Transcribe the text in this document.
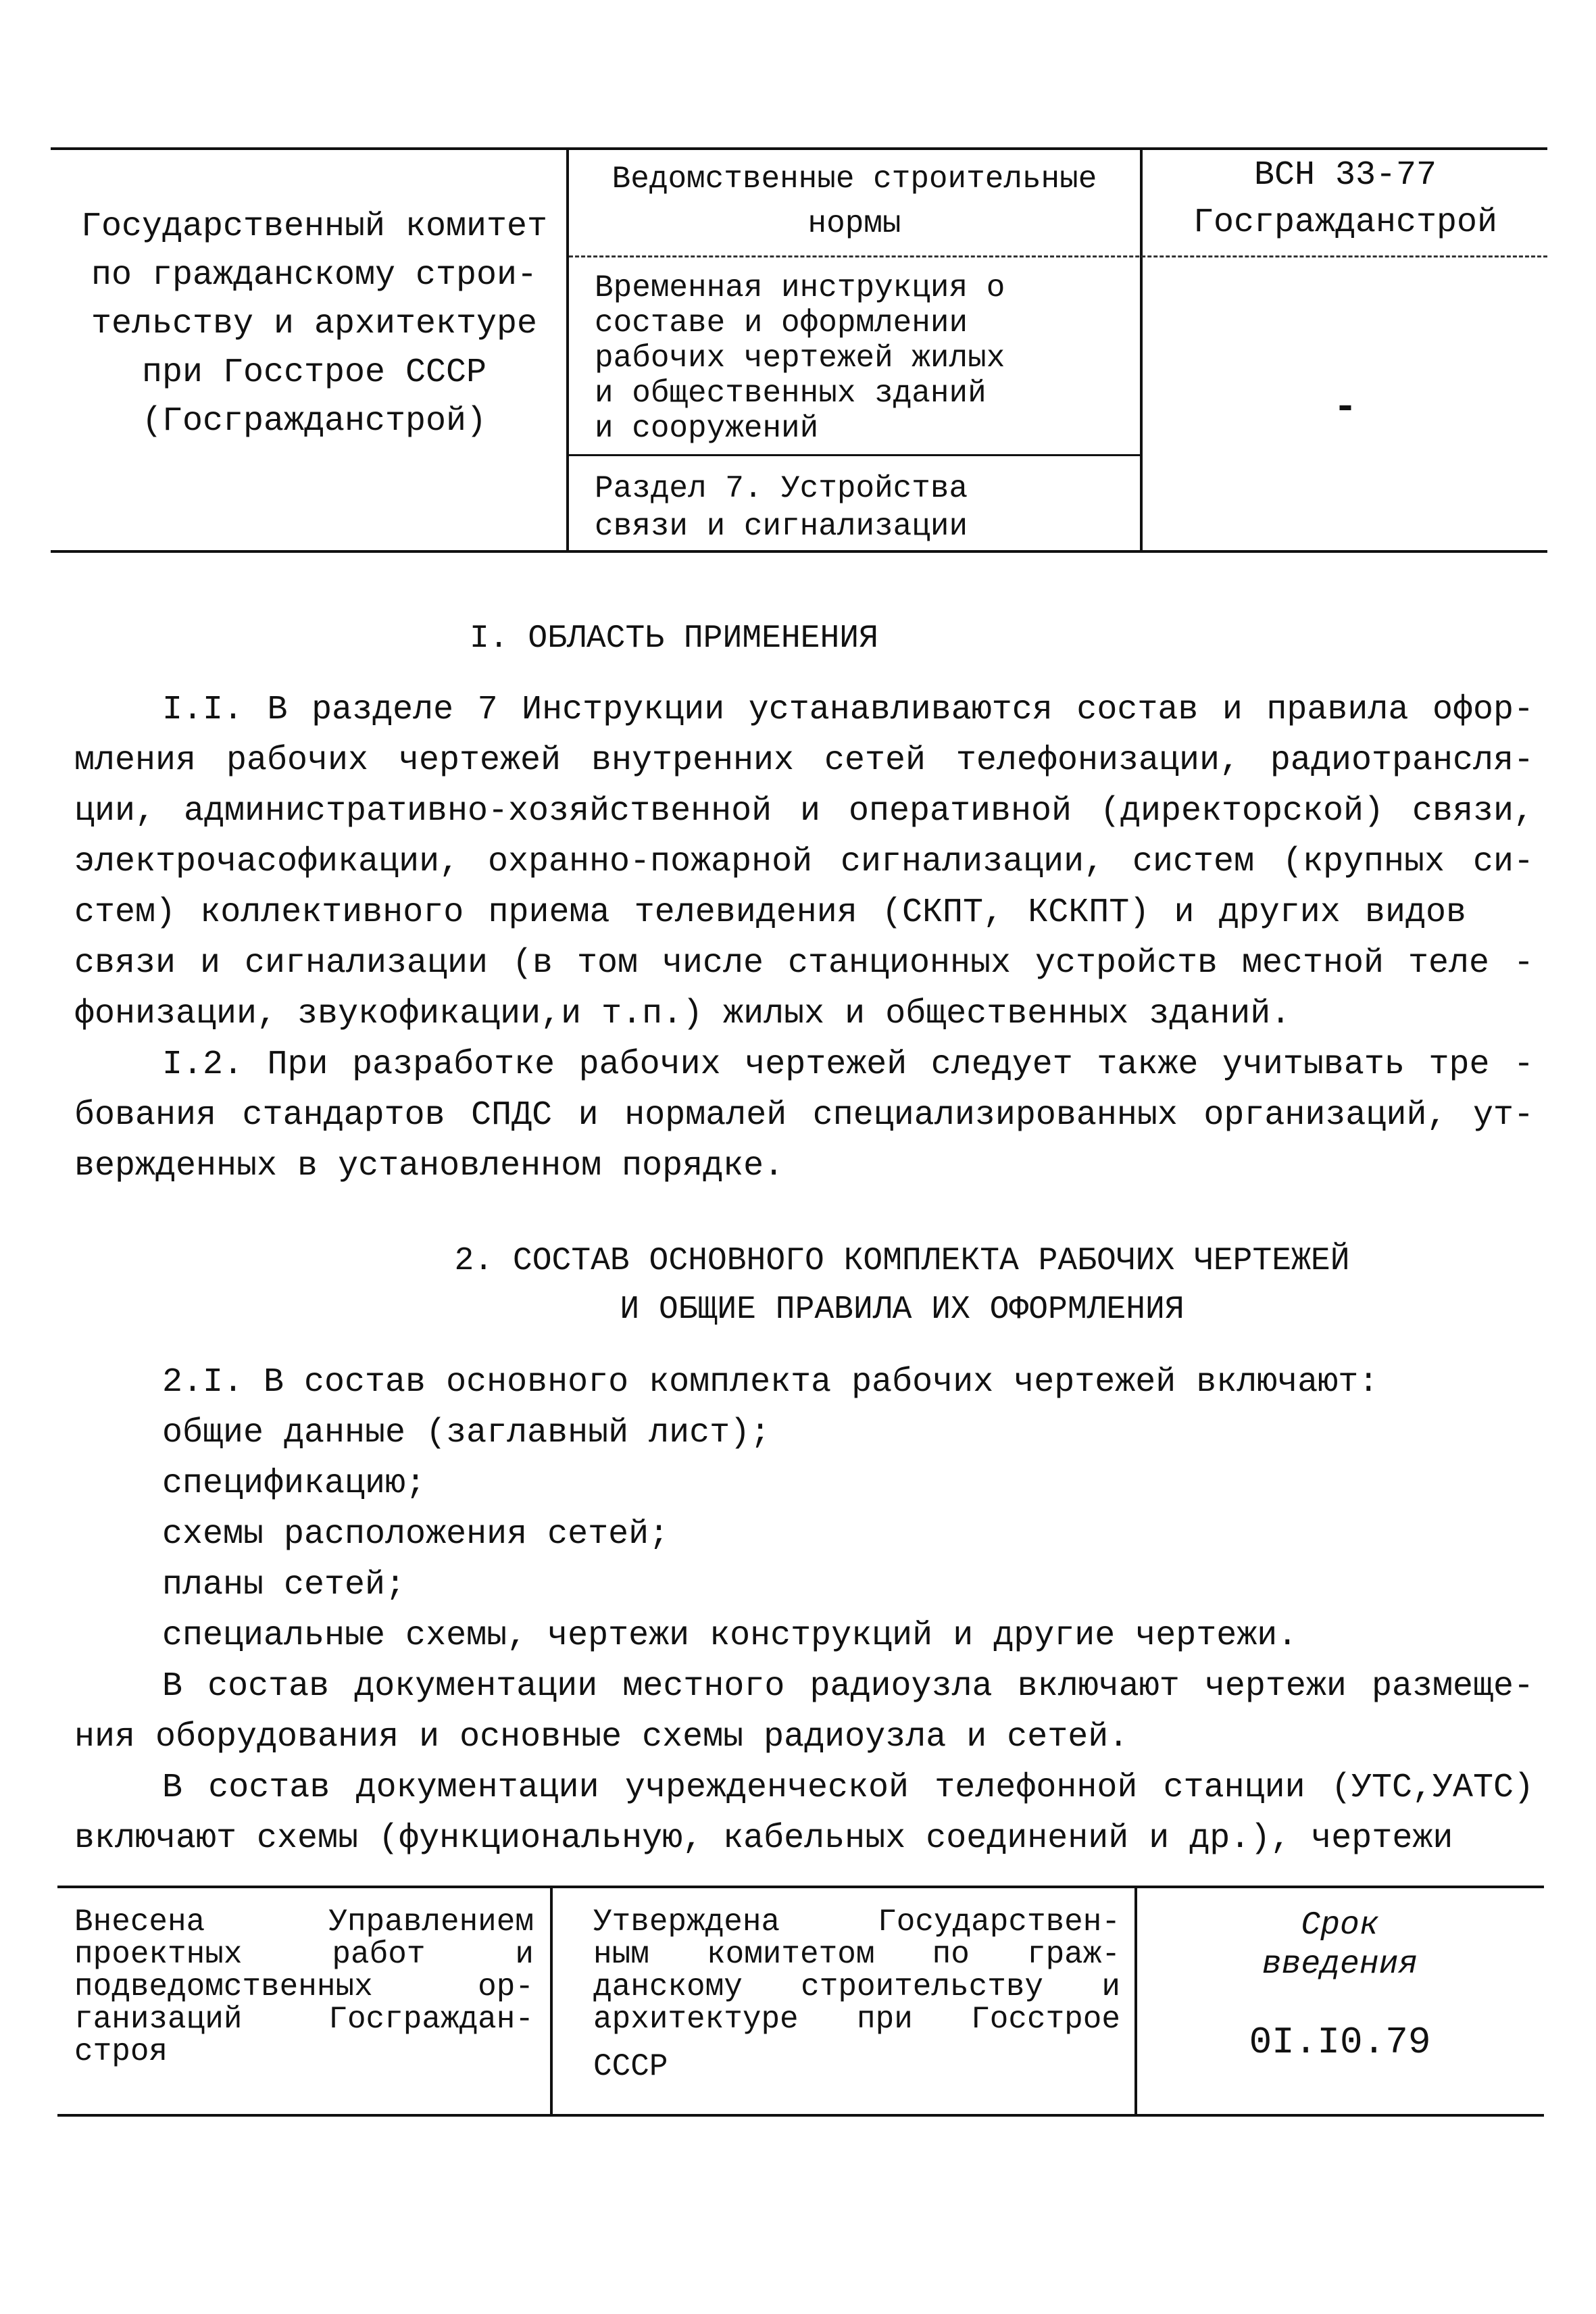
Государственный комитет
по гражданскому строи-
тельству и архитектуре
при Госстрое СССР
(Госгражданстрой)
Ведомственные строительные
нормы
Временная инструкция о
составе и оформлении
рабочих чертежей жилых
и общественных зданий
и сооружений
Раздел 7. Устройства
связи и сигнализации
ВСН 33-77
Госгражданстрой
-
I. ОБЛАСТЬ ПРИМЕНЕНИЯ
I.I. В разделе 7 Инструкции устанавливаются состав и правила офор-
мления рабочих чертежей внутренних сетей телефонизации, радиотрансля-
ции, административно-хозяйственной и оперативной (директорской) связи,
электрочасофикации, охранно-пожарной сигнализации, систем (крупных си-
стем) коллективного приема телевидения (СКПТ, КСКПТ) и других видов
связи и сигнализации (в том числе станционных устройств местной теле -
фонизации, звукофикации,и т.п.) жилых и общественных зданий.
I.2. При разработке рабочих чертежей следует также учитывать тре -
бования стандартов СПДС и нормалей специализированных организаций, ут-
вержденных в установленном порядке.
2. СОСТАВ ОСНОВНОГО КОМПЛЕКТА РАБОЧИХ ЧЕРТЕЖЕЙ
И ОБЩИЕ ПРАВИЛА ИХ ОФОРМЛЕНИЯ
2.I. В состав основного комплекта рабочих чертежей включают:
общие данные (заглавный лист);
спецификацию;
схемы расположения сетей;
планы сетей;
специальные схемы, чертежи конструкций и другие чертежи.
В состав документации местного радиоузла включают чертежи размеще-
ния оборудования и основные схемы радиоузла и сетей.
В состав документации учрежденческой телефонной станции (УТС,УАТС)
включают схемы (функциональную, кабельных соединений и др.), чертежи
Внесена Управлением
проектных работ и
подведомственных ор-
ганизаций Госграждан-
строя
Утверждена Государствен-
ным комитетом по граж-
данскому строительству и
архитектуре при Госстрое
СССР
Срок
введения
0I.I0.79
